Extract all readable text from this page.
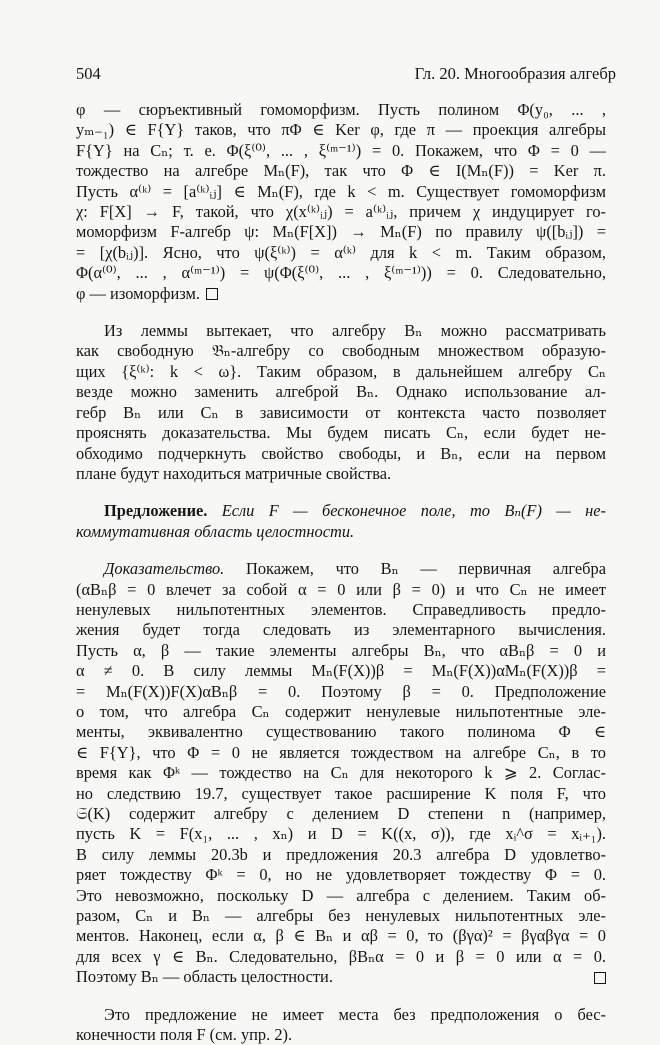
504	Гл. 20. Многообразия алгебр
φ — сюръективный гомоморфизм. Пусть полином Φ(y₀, ... ,
yₘ₋₁) ∈ F{Y} таков, что πΦ ∈ Ker φ, где π — проекция алгебры
F{Y} на Cₙ; т. е. Φ(ξ⁽⁰⁾, ... , ξ⁽ᵐ⁻¹⁾) = 0. Покажем, что Φ = 0 —
тождество на алгебре Mₙ(F), так что Φ ∈ I(Mₙ(F)) = Ker π.
Пусть α⁽ᵏ⁾ = [a⁽ᵏ⁾ᵢⱼ] ∈ Mₙ(F), где k < m. Существует гомоморфизм
χ: F[X] → F, такой, что χ(x⁽ᵏ⁾ᵢⱼ) = a⁽ᵏ⁾ᵢⱼ, причем χ индуцирует го-
моморфизм F-алгебр ψ: Mₙ(F[X]) → Mₙ(F) по правилу ψ([bᵢⱼ]) =
= [χ(bᵢⱼ)]. Ясно, что ψ(ξ⁽ᵏ⁾) = α⁽ᵏ⁾ для k < m. Таким образом,
Φ(α⁽⁰⁾, ... , α⁽ᵐ⁻¹⁾) = ψ(Φ(ξ⁽⁰⁾, ... , ξ⁽ᵐ⁻¹⁾)) = 0. Следовательно,
φ — изоморфизм.
Из леммы вытекает, что алгебру Bₙ можно рассматривать
как свободную 𝔅ₙ-алгебру со свободным множеством образую-
щих {ξ⁽ᵏ⁾: k < ω}. Таким образом, в дальнейшем алгебру Cₙ
везде можно заменить алгеброй Bₙ. Однако использование ал-
гебр Bₙ или Cₙ в зависимости от контекста часто позволяет
прояснять доказательства. Мы будем писать Cₙ, если будет не-
обходимо подчеркнуть свойство свободы, и Bₙ, если на первом
плане будут находиться матричные свойства.
Предложение. Если F — бесконечное поле, то Bₙ(F) — не-
коммутативная область целостности.
Доказательство. Покажем, что Bₙ — первичная алгебра
(αBₙβ = 0 влечет за собой α = 0 или β = 0) и что Cₙ не имеет
ненулевых нильпотентных элементов. Справедливость предло-
жения будет тогда следовать из элементарного вычисления.
Пусть α, β — такие элементы алгебры Bₙ, что αBₙβ = 0 и
α ≠ 0. В силу леммы Mₙ(F(X))β = Mₙ(F(X))αMₙ(F(X))β =
= Mₙ(F(X))F(X)αBₙβ = 0. Поэтому β = 0. Предположение
о том, что алгебра Cₙ содержит ненулевые нильпотентные эле-
менты, эквивалентно существованию такого полинома Φ ∈
∈ F{Y}, что Φ = 0 не является тождеством на алгебре Cₙ, в то
время как Φᵏ — тождество на Cₙ для некоторого k ⩾ 2. Соглас-
но следствию 19.7, существует такое расширение K поля F, что
𝔖(K) содержит алгебру с делением D степени n (например,
пусть K = F(x₁, ... , xₙ) и D = K((x, σ)), где xᵢ^σ = xᵢ₊₁).
В силу леммы 20.3b и предложения 20.3 алгебра D удовлетво-
ряет тождеству Φᵏ = 0, но не удовлетворяет тождеству Φ = 0.
Это невозможно, поскольку D — алгебра с делением. Таким об-
разом, Cₙ и Bₙ — алгебры без ненулевых нильпотентных эле-
ментов. Наконец, если α, β ∈ Bₙ и αβ = 0, то (βγα)² = βγαβγα = 0
для всех γ ∈ Bₙ. Следовательно, βBₙα = 0 и β = 0 или α = 0.
Поэтому Bₙ — область целостности.
Это предложение не имеет места без предположения о бес-
конечности поля F (см. упр. 2).
